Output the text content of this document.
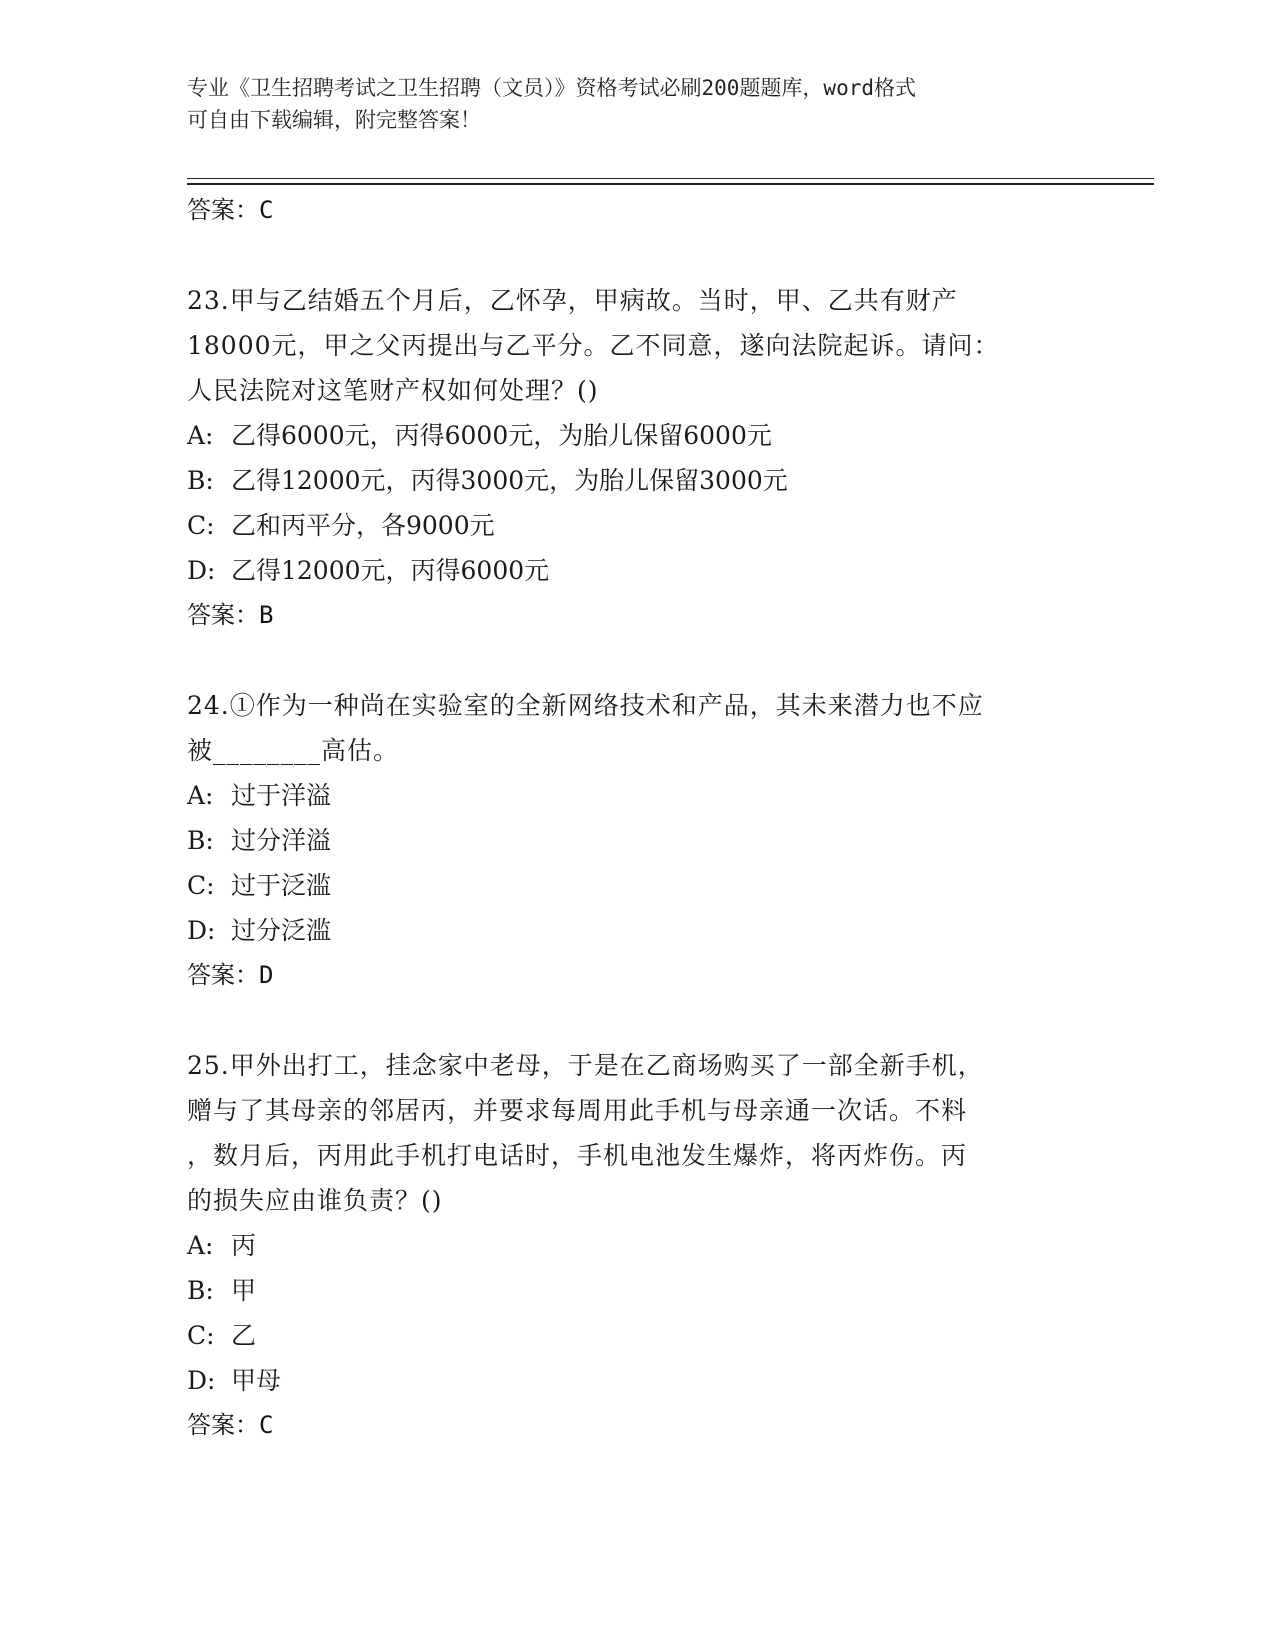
专业《卫生招聘考试之卫生招聘（文员）》资格考试必刷200题题库，word格式
可自由下载编辑，附完整答案！
答案：C
23.甲与乙结婚五个月后，乙怀孕，甲病故。当时，甲、乙共有财产
18000元，甲之父丙提出与乙平分。乙不同意，遂向法院起诉。请问：
人民法院对这笔财产权如何处理？()
A: 乙得6000元，丙得6000元，为胎儿保留6000元
B: 乙得12000元，丙得3000元，为胎儿保留3000元
C: 乙和丙平分，各9000元
D: 乙得12000元，丙得6000元
答案：B
24.①作为一种尚在实验室的全新网络技术和产品，其未来潜力也不应
被________高估。
A: 过于洋溢
B: 过分洋溢
C: 过于泛滥
D: 过分泛滥
答案：D
25.甲外出打工，挂念家中老母，于是在乙商场购买了一部全新手机，
赠与了其母亲的邻居丙，并要求每周用此手机与母亲通一次话。不料
，数月后，丙用此手机打电话时，手机电池发生爆炸，将丙炸伤。丙
的损失应由谁负责？()
A: 丙
B: 甲
C: 乙
D: 甲母
答案：C
